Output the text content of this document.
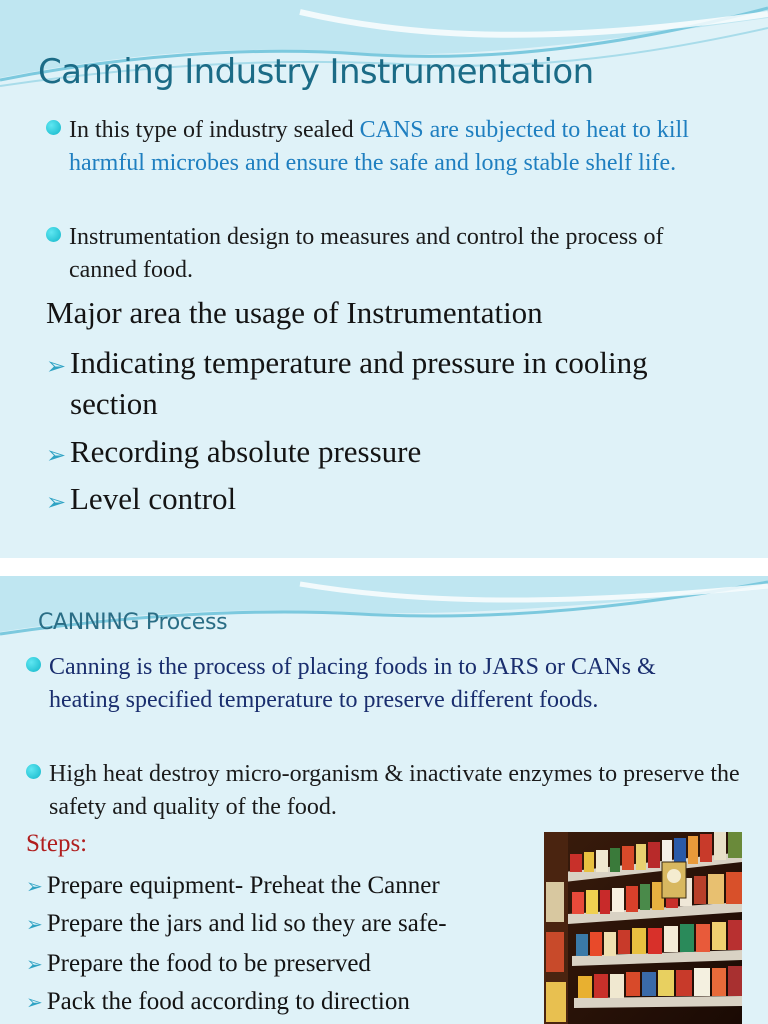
Canning Industry Instrumentation
In this type of industry sealed CANS are subjected to heat to kill harmful microbes and ensure the safe and long stable shelf life.
Instrumentation design to measures and control the process of canned food.
Major area the usage of Instrumentation
➢ Indicating temperature and pressure in cooling section
➢ Recording absolute pressure
➢ Level control
CANNING Process
Canning is the process of placing foods in to JARS or CANs & heating specified temperature to preserve different foods.
High heat destroy micro-organism & inactivate enzymes to preserve the safety and quality of the food.
Steps:
➢ Prepare equipment- Preheat the Canner
➢ Prepare the jars and lid so they are safe-
➢ Prepare the food to be preserved
➢ Pack the food according to direction
